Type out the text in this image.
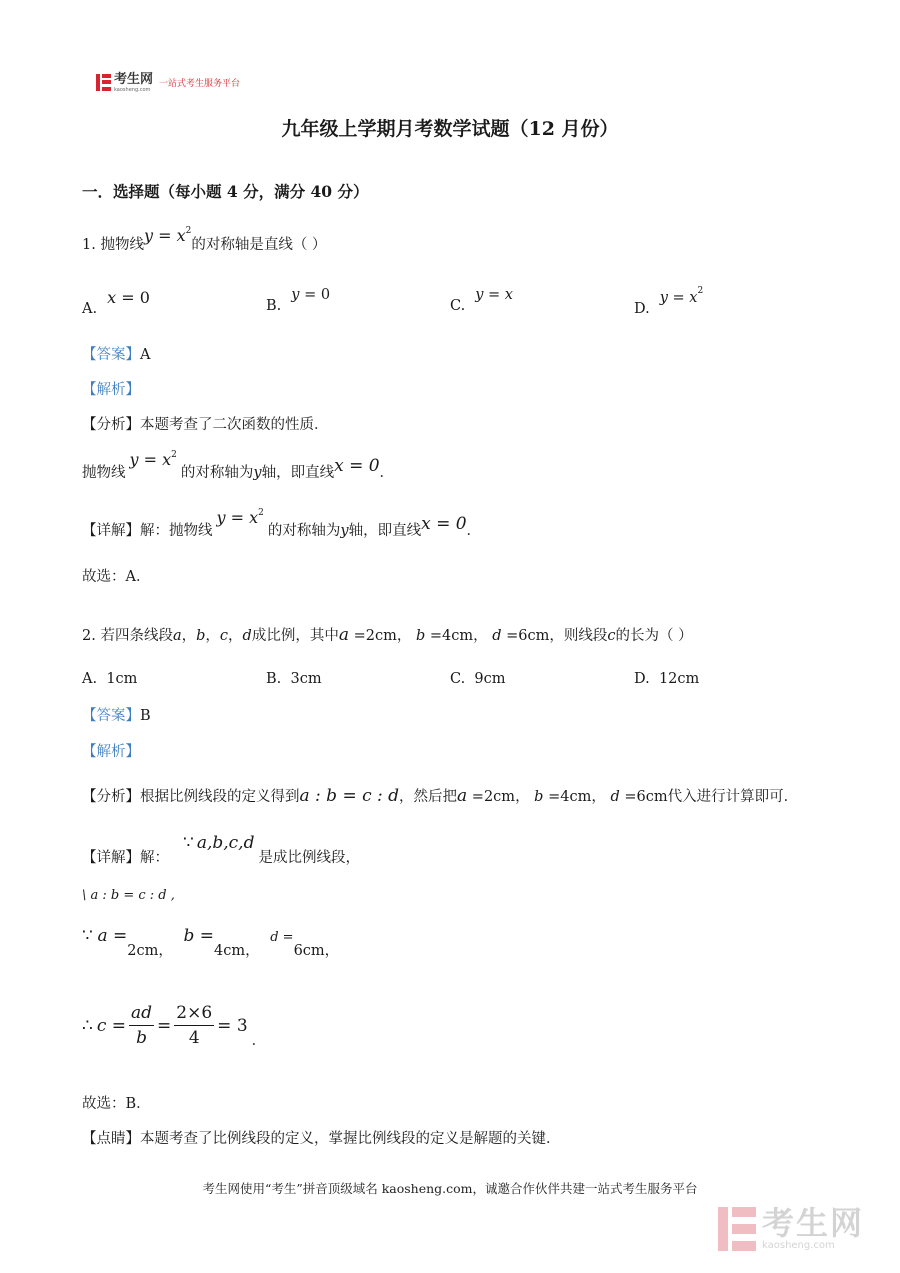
考生网
kaosheng.com
一站式考生服务平台
九年级上学期月考数学试题（12 月份）
一．选择题（每小题 4 分，满分 40 分）
1. 抛物线$y = x^2$的对称轴是直线（ ）
A.x = 0	B.y = 0
C.y = x
$D.y = x^2$
【答案】A
【解析】
【分析】本题考查了二次函数的性质．
抛物线$y = x^2$的对称轴为y轴，即直线x = 0．
【详解】解：抛物线$y = x^2$的对称轴为y轴，即直线x = 0．
故选：A．
2. 若四条线段a，b，c，d成比例，其中a =2cm， b =4cm， d =6cm，则线段c的长为（ ）
A. 1cm	B. 3cm	C. 9cm	D. 12cm
【答案】B
【解析】
【分析】根据比例线段的定义得到a : b = c : d，然后把a =2cm， b =4cm， d =6cm代入进行计算即可．
【详解】解：∵ a,b,c,d是成比例线段，
\ a : b = c : d ,
∵ a =2cm， b =4cm， d =6cm，
∴ $c = \frac{ad}{b} = \frac{2\times 6}{4} = 3$
．
故选：B．
【点睛】本题考查了比例线段的定义，掌握比例线段的定义是解题的关键．
考生网使用“考生”拼音顶级域名 kaosheng.com，诚邀合作伙伴共建一站式考生服务平台
考生网
kaosheng.com
